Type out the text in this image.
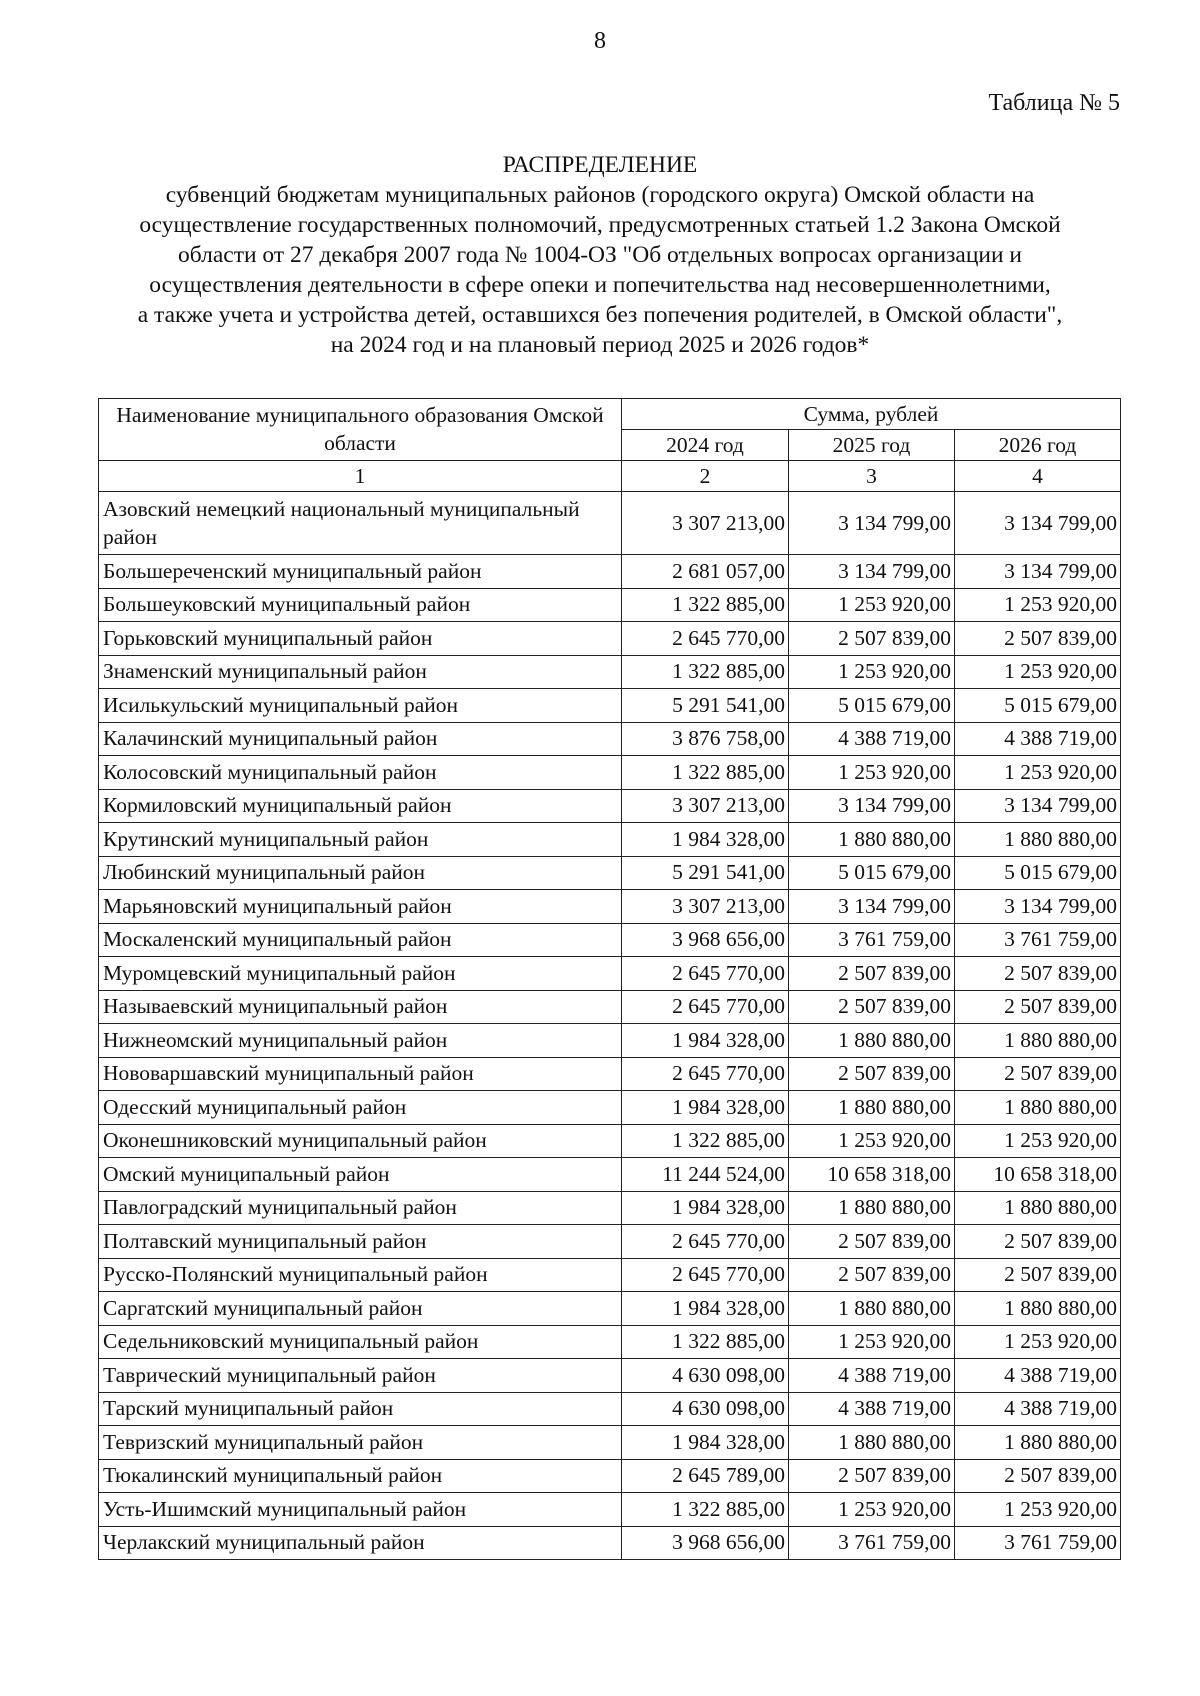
8
Таблица № 5
РАСПРЕДЕЛЕНИЕ
субвенций бюджетам муниципальных районов (городского округа) Омской области на
осуществление государственных полномочий, предусмотренных статьей 1.2 Закона Омской
области от 27 декабря 2007 года № 1004-ОЗ "Об отдельных вопросах организации и
осуществления деятельности в сфере опеки и попечительства над несовершеннолетними,
а также учета и устройства детей, оставшихся без попечения родителей, в Омской области",
на 2024 год и на плановый период 2025 и 2026 годов*
Наименование муниципального образования Омской области	Сумма, рублей		
	2024 год	2025 год	2026 год
1	2	3	4
Азовский немецкий национальный муниципальный район	3 307 213,00	3 134 799,00	3 134 799,00
Большереченский муниципальный район	2 681 057,00	3 134 799,00	3 134 799,00
Большеуковский муниципальный район	1 322 885,00	1 253 920,00	1 253 920,00
Горьковский муниципальный район	2 645 770,00	2 507 839,00	2 507 839,00
Знаменский муниципальный район	1 322 885,00	1 253 920,00	1 253 920,00
Исилькульский муниципальный район	5 291 541,00	5 015 679,00	5 015 679,00
Калачинский муниципальный район	3 876 758,00	4 388 719,00	4 388 719,00
Колосовский муниципальный район	1 322 885,00	1 253 920,00	1 253 920,00
Кормиловский муниципальный район	3 307 213,00	3 134 799,00	3 134 799,00
Крутинский муниципальный район	1 984 328,00	1 880 880,00	1 880 880,00
Любинский муниципальный район	5 291 541,00	5 015 679,00	5 015 679,00
Марьяновский муниципальный район	3 307 213,00	3 134 799,00	3 134 799,00
Москаленский муниципальный район	3 968 656,00	3 761 759,00	3 761 759,00
Муромцевский муниципальный район	2 645 770,00	2 507 839,00	2 507 839,00
Называевский муниципальный район	2 645 770,00	2 507 839,00	2 507 839,00
Нижнеомский муниципальный район	1 984 328,00	1 880 880,00	1 880 880,00
Нововаршавский муниципальный район	2 645 770,00	2 507 839,00	2 507 839,00
Одесский муниципальный район	1 984 328,00	1 880 880,00	1 880 880,00
Оконешниковский муниципальный район	1 322 885,00	1 253 920,00	1 253 920,00
Омский муниципальный район	11 244 524,00	10 658 318,00	10 658 318,00
Павлоградский муниципальный район	1 984 328,00	1 880 880,00	1 880 880,00
Полтавский муниципальный район	2 645 770,00	2 507 839,00	2 507 839,00
Русско-Полянский муниципальный район	2 645 770,00	2 507 839,00	2 507 839,00
Саргатский муниципальный район	1 984 328,00	1 880 880,00	1 880 880,00
Седельниковский муниципальный район	1 322 885,00	1 253 920,00	1 253 920,00
Таврический муниципальный район	4 630 098,00	4 388 719,00	4 388 719,00
Тарский муниципальный район	4 630 098,00	4 388 719,00	4 388 719,00
Тевризский муниципальный район	1 984 328,00	1 880 880,00	1 880 880,00
Тюкалинский муниципальный район	2 645 789,00	2 507 839,00	2 507 839,00
Усть-Ишимский муниципальный район	1 322 885,00	1 253 920,00	1 253 920,00
Черлакский муниципальный район	3 968 656,00	3 761 759,00	3 761 759,00
